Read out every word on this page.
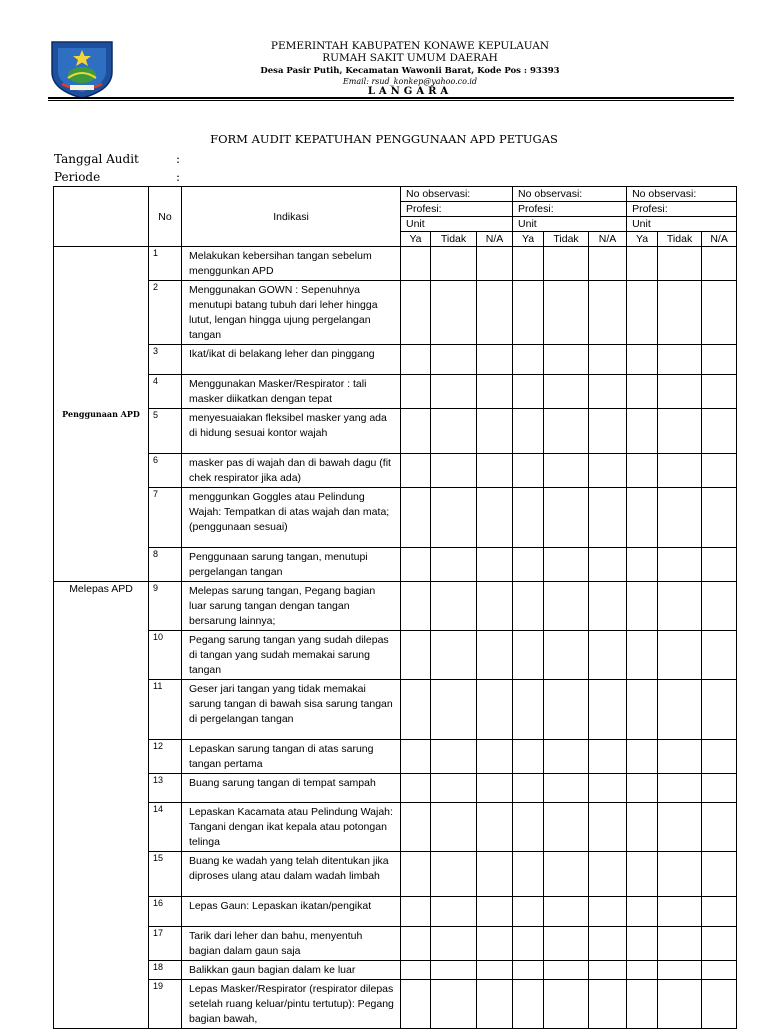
PEMERINTAH KABUPATEN KONAWE KEPULAUAN
RUMAH SAKIT UMUM DAERAH
Desa Pasir Putih, Kecamatan Wawonii Barat, Kode Pos : 93393
Email: rsud_konkep@yahoo.co.id
LANGARA
FORM AUDIT KEPATUHAN PENGGUNAAN APD PETUGAS
Tanggal Audit	:
Periode	:
	No	Indikasi	No observasi:			No observasi:			No observasi:		
			Profesi:			Profesi:			Profesi:		
			Unit			Unit			Unit		
			Ya	Tidak	N/A	Ya	Tidak	N/A	Ya	Tidak	N/A
Penggunaan APD	1	Melakukan kebersihan tangan sebelum menggunkan APD									
	2	Menggunakan GOWN : Sepenuhnya menutupi batang tubuh dari leher hingga lutut, lengan hingga ujung pergelangan tangan									
	3	Ikat/ikat di belakang leher dan pinggang									
	4	Menggunakan Masker/Respirator : tali masker diikatkan dengan tepat									
	5	menyesuaiakan fleksibel masker yang ada di hidung sesuai kontor wajah									
	6	masker pas di wajah dan di bawah dagu (fit chek respirator jika ada)									
	7	menggunkan Goggles atau Pelindung Wajah: Tempatkan di atas wajah dan mata; (penggunaan sesuai)									
	8	Penggunaan sarung tangan, menutupi pergelangan tangan									
Melepas APD	9	Melepas sarung tangan, Pegang bagian luar sarung tangan dengan tangan bersarung lainnya;									
	10	Pegang sarung tangan yang sudah dilepas di tangan yang sudah memakai sarung tangan									
	11	Geser jari tangan yang tidak memakai sarung tangan di bawah sisa sarung tangan di pergelangan tangan									
	12	Lepaskan sarung tangan di atas sarung tangan pertama									
	13	Buang sarung tangan di tempat sampah									
	14	Lepaskan Kacamata atau Pelindung Wajah: Tangani dengan ikat kepala atau potongan telinga									
	15	Buang ke wadah yang telah ditentukan jika diproses ulang atau dalam wadah limbah									
	16	Lepas Gaun: Lepaskan ikatan/pengikat									
	17	Tarik dari leher dan bahu, menyentuh bagian dalam gaun saja									
	18	Balikkan gaun bagian dalam ke luar									
	19	Lepas Masker/Respirator (respirator dilepas setelah ruang keluar/pintu tertutup): Pegang bagian bawah,									
